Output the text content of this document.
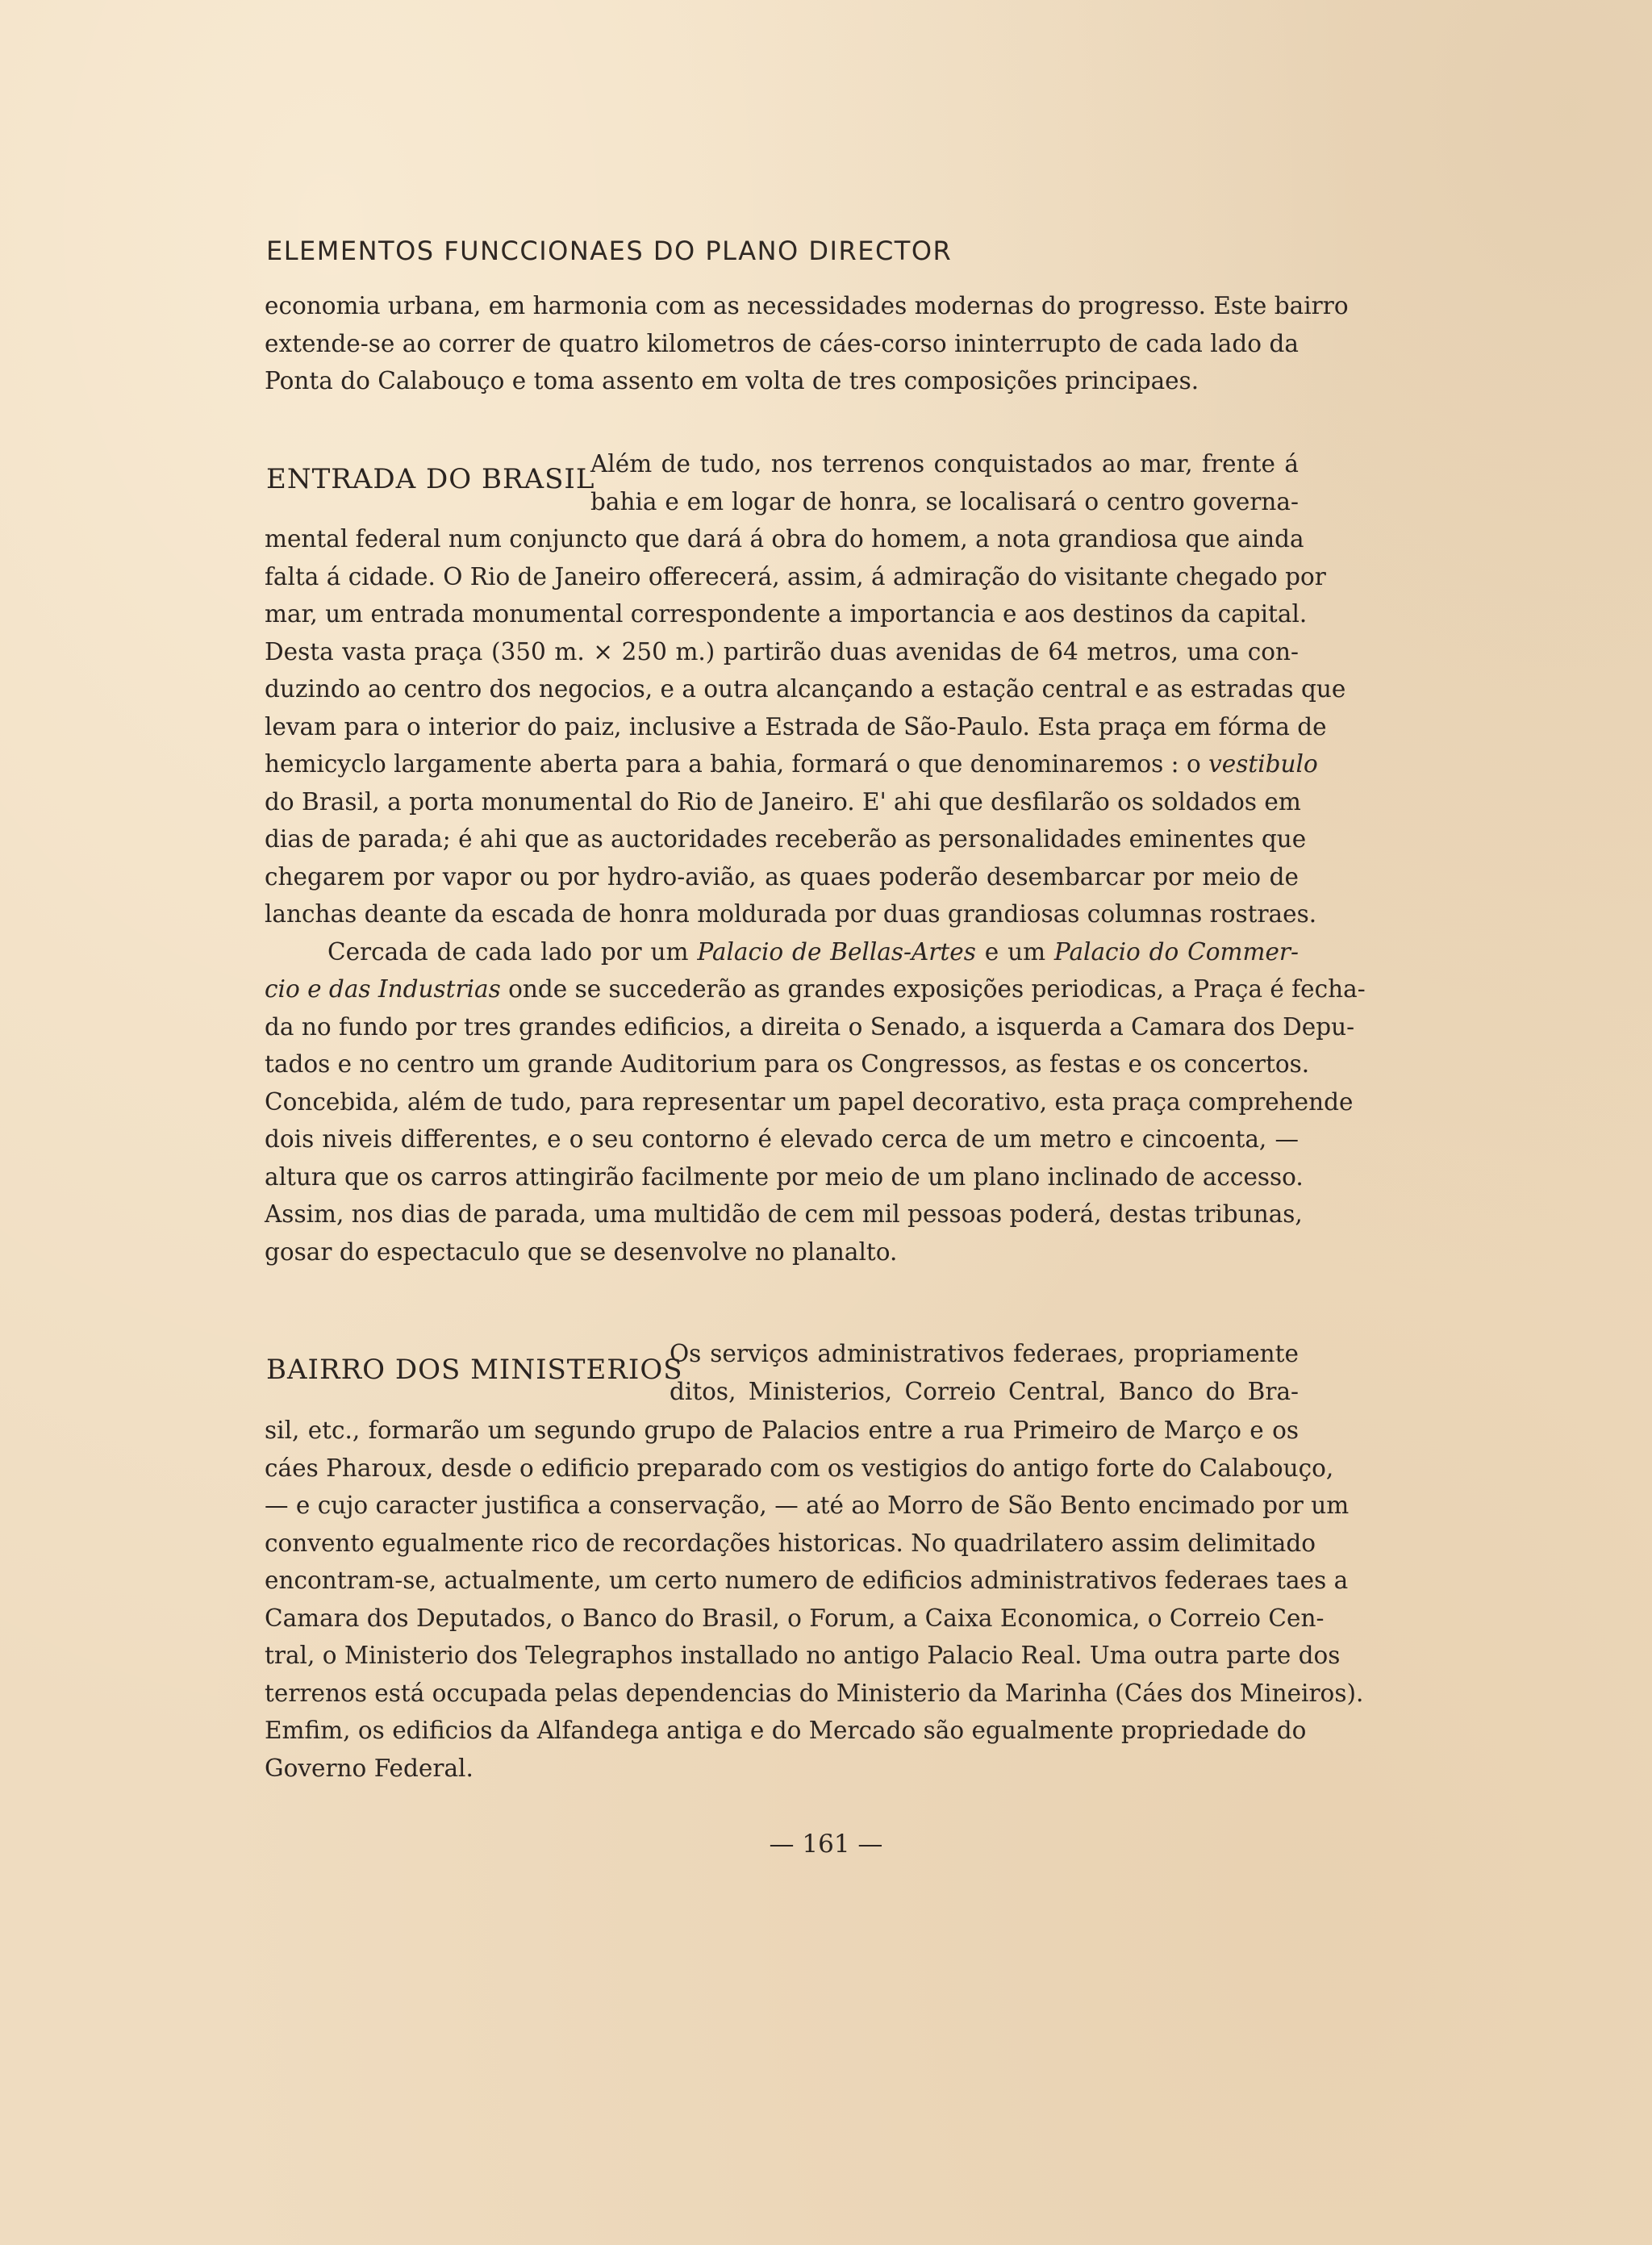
ELEMENTOS FUNCCIONAES DO PLANO DIRECTOR
economia urbana, em harmonia com as necessidades modernas do progresso. Este bairro
extende-se ao correr de quatro kilometros de cáes-corso ininterrupto de cada lado da
Ponta do Calabouço e toma assento em volta de tres composições principaes.
ENTRADA DO BRASIL
Além de tudo, nos terrenos conquistados ao mar, frente á
bahia e em logar de honra, se localisará o centro governa-
mental federal num conjuncto que dará á obra do homem, a nota grandiosa que ainda
falta á cidade. O Rio de Janeiro offerecerá, assim, á admiração do visitante chegado por
mar, um entrada monumental correspondente a importancia e aos destinos da capital.
Desta vasta praça (350 m. × 250 m.) partirão duas avenidas de 64 metros, uma con-
duzindo ao centro dos negocios, e a outra alcançando a estação central e as estradas que
levam para o interior do paiz, inclusive a Estrada de São-Paulo. Esta praça em fórma de
hemicyclo largamente aberta para a bahia, formará o que denominaremos : o vestibulo
do Brasil, a porta monumental do Rio de Janeiro. E' ahi que desfilarão os soldados em
dias de parada; é ahi que as auctoridades receberão as personalidades eminentes que
chegarem por vapor ou por hydro-avião, as quaes poderão desembarcar por meio de
lanchas deante da escada de honra moldurada por duas grandiosas columnas rostraes.
Cercada de cada lado por um Palacio de Bellas-Artes e um Palacio do Commer-
cio e das Industrias onde se succederão as grandes exposições periodicas, a Praça é fecha-
da no fundo por tres grandes edificios, a direita o Senado, a isquerda a Camara dos Depu-
tados e no centro um grande Auditorium para os Congressos, as festas e os concertos.
Concebida, além de tudo, para representar um papel decorativo, esta praça comprehende
dois niveis differentes, e o seu contorno é elevado cerca de um metro e cincoenta, —
altura que os carros attingirão facilmente por meio de um plano inclinado de accesso.
Assim, nos dias de parada, uma multidão de cem mil pessoas poderá, destas tribunas,
gosar do espectaculo que se desenvolve no planalto.
BAIRRO DOS MINISTERIOS
Os serviços administrativos federaes, propriamente
ditos, Ministerios, Correio Central, Banco do Bra-
sil, etc., formarão um segundo grupo de Palacios entre a rua Primeiro de Março e os
cáes Pharoux, desde o edificio preparado com os vestigios do antigo forte do Calabouço,
— e cujo caracter justifica a conservação, — até ao Morro de São Bento encimado por um
convento egualmente rico de recordações historicas. No quadrilatero assim delimitado
encontram-se, actualmente, um certo numero de edificios administrativos federaes taes a
Camara dos Deputados, o Banco do Brasil, o Forum, a Caixa Economica, o Correio Cen-
tral, o Ministerio dos Telegraphos installado no antigo Palacio Real. Uma outra parte dos
terrenos está occupada pelas dependencias do Ministerio da Marinha (Cáes dos Mineiros).
Emfim, os edificios da Alfandega antiga e do Mercado são egualmente propriedade do
Governo Federal.
— 161 —
